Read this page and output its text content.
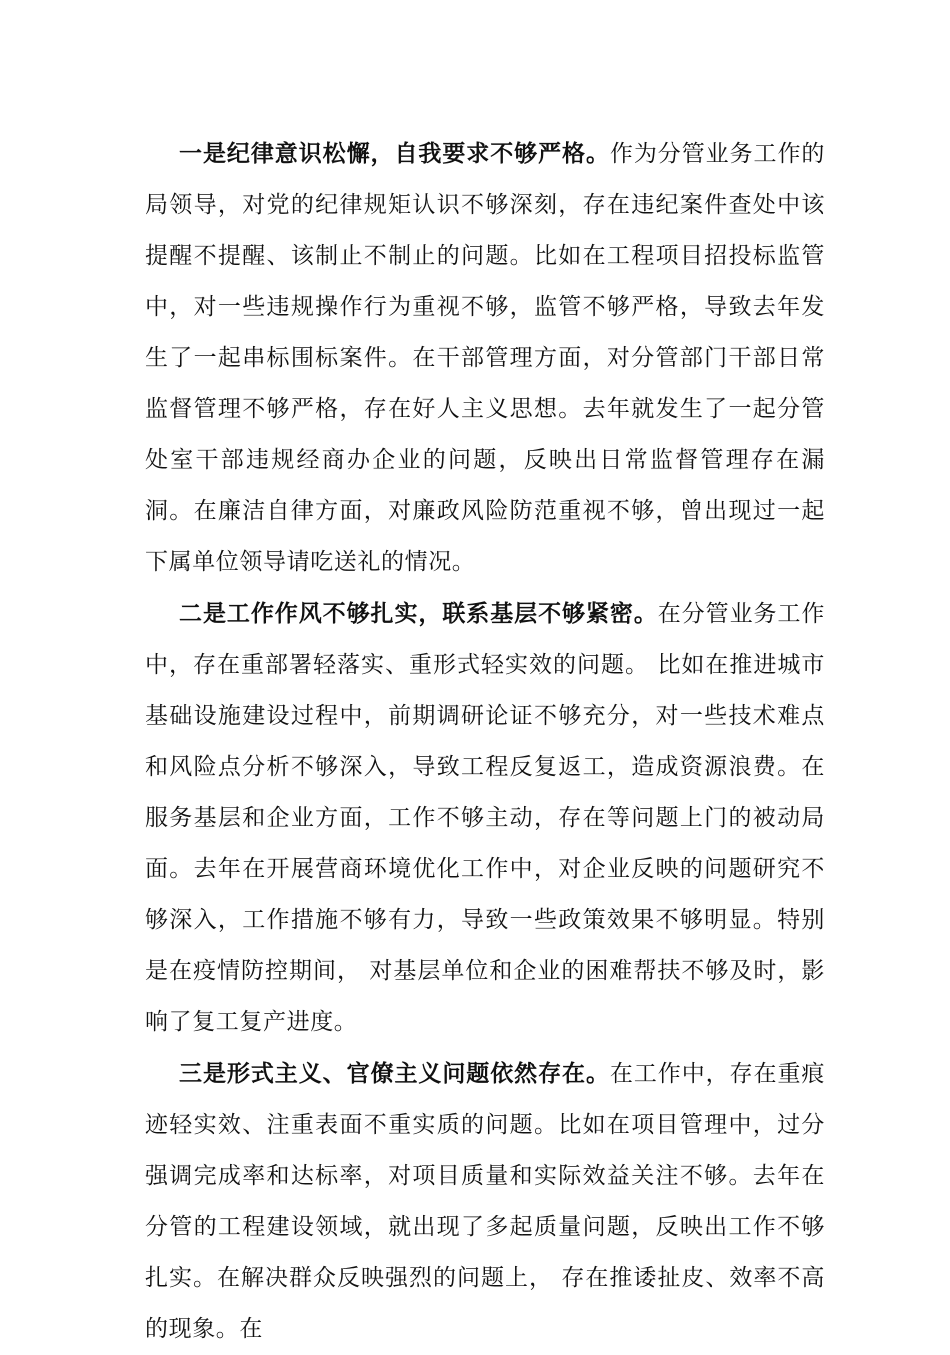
一是纪律意识松懈，自我要求不够严格。作为分管业务工作的局领导，对党的纪律规矩认识不够深刻，存在违纪案件查处中该提醒不提醒、该制止不制止的问题。比如在工程项目招投标监管中，对一些违规操作行为重视不够，监管不够严格，导致去年发生了一起串标围标案件。在干部管理方面，对分管部门干部日常监督管理不够严格，存在好人主义思想。去年就发生了一起分管处室干部违规经商办企业的问题，反映出日常监督管理存在漏洞。在廉洁自律方面，对廉政风险防范重视不够，曾出现过一起下属单位领导请吃送礼的情况。

二是工作作风不够扎实，联系基层不够紧密。在分管业务工作中，存在重部署轻落实、重形式轻实效的问题。 比如在推进城市基础设施建设过程中，前期调研论证不够充分，对一些技术难点和风险点分析不够深入，导致工程反复返工，造成资源浪费。在服务基层和企业方面，工作不够主动，存在等问题上门的被动局面。去年在开展营商环境优化工作中，对企业反映的问题研究不够深入，工作措施不够有力，导致一些政策效果不够明显。特别是在疫情防控期间， 对基层单位和企业的困难帮扶不够及时，影响了复工复产进度。

三是形式主义、官僚主义问题依然存在。在工作中，存在重痕迹轻实效、注重表面不重实质的问题。比如在项目管理中，过分强调完成率和达标率，对项目质量和实际效益关注不够。去年在分管的工程建设领域，就出现了多起质量问题，反映出工作不够扎实。在解决群众反映强烈的问题上， 存在推诿扯皮、效率不高的现象。在
